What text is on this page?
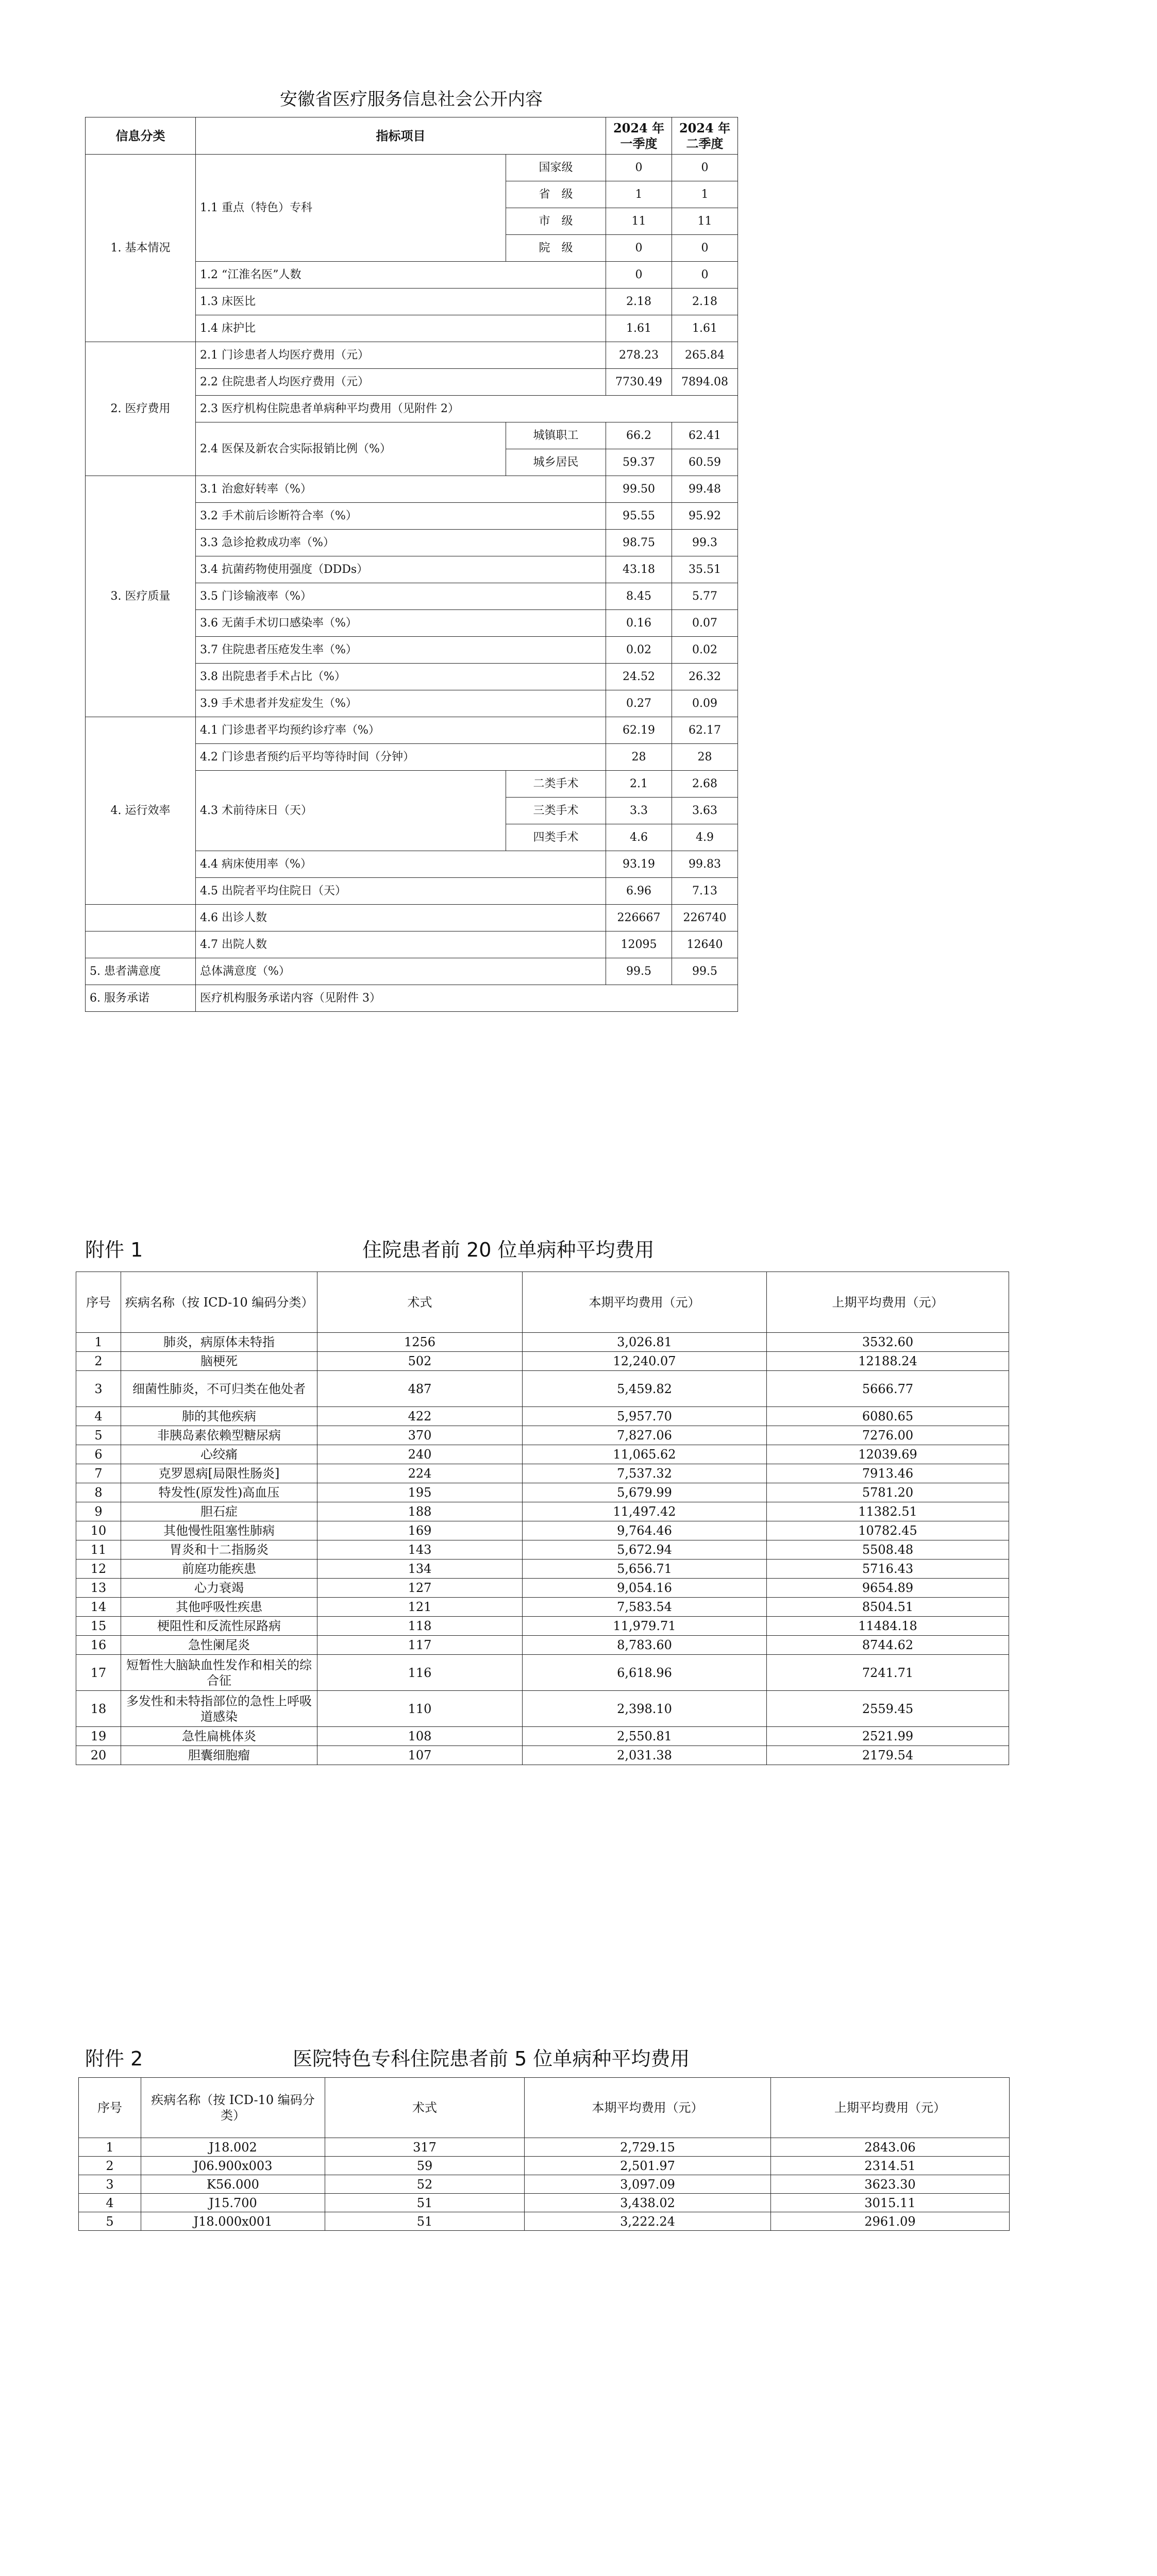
安徽省医疗服务信息社会公开内容
信息分类	指标项目		2024 年一季度	2024 年二季度
1. 基本情况	1.1 重点（特色）专科	国家级	0	0
		省　级	1	1
		市　级	11	11
		院　级	0	0
	1.2 “江淮名医”人数		0	0
	1.3 床医比		2.18	2.18
	1.4 床护比		1.61	1.61
2. 医疗费用	2.1 门诊患者人均医疗费用（元）		278.23	265.84
	2.2 住院患者人均医疗费用（元）		7730.49	7894.08
	2.3 医疗机构住院患者单病种平均费用（见附件 2）			
	2.4 医保及新农合实际报销比例（%）	城镇职工	66.2	62.41
		城乡居民	59.37	60.59
3. 医疗质量	3.1 治愈好转率（%）		99.50	99.48
	3.2 手术前后诊断符合率（%）		95.55	95.92
	3.3 急诊抢救成功率（%）		98.75	99.3
	3.4 抗菌药物使用强度（DDDs）		43.18	35.51
	3.5 门诊输液率（%）		8.45	5.77
	3.6 无菌手术切口感染率（%）		0.16	0.07
	3.7 住院患者压疮发生率（%）		0.02	0.02
	3.8 出院患者手术占比（%）		24.52	26.32
	3.9 手术患者并发症发生（%）		0.27	0.09
4. 运行效率	4.1 门诊患者平均预约诊疗率（%）		62.19	62.17
	4.2 门诊患者预约后平均等待时间（分钟）		28	28
	4.3 术前待床日（天）	二类手术	2.1	2.68
		三类手术	3.3	3.63
		四类手术	4.6	4.9
	4.4 病床使用率（%）		93.19	99.83
	4.5 出院者平均住院日（天）		6.96	7.13
	4.6 出诊人数		226667	226740
	4.7 出院人数		12095	12640
5. 患者满意度	总体满意度（%）		99.5	99.5
6. 服务承诺	医疗机构服务承诺内容（见附件 3）			
附件 1	住院患者前 20 位单病种平均费用
序号	疾病名称（按 ICD-10 编码分类）	术式	本期平均费用（元）	上期平均费用（元）
1	肺炎，病原体未特指	1256	3,026.81	3532.60
2	脑梗死	502	12,240.07	12188.24
3	细菌性肺炎，不可归类在他处者	487	5,459.82	5666.77
4	肺的其他疾病	422	5,957.70	6080.65
5	非胰岛素依赖型糖尿病	370	7,827.06	7276.00
6	心绞痛	240	11,065.62	12039.69
7	克罗恩病[局限性肠炎]	224	7,537.32	7913.46
8	特发性(原发性)高血压	195	5,679.99	5781.20
9	胆石症	188	11,497.42	11382.51
10	其他慢性阻塞性肺病	169	9,764.46	10782.45
11	胃炎和十二指肠炎	143	5,672.94	5508.48
12	前庭功能疾患	134	5,656.71	5716.43
13	心力衰竭	127	9,054.16	9654.89
14	其他呼吸性疾患	121	7,583.54	8504.51
15	梗阻性和反流性尿路病	118	11,979.71	11484.18
16	急性阑尾炎	117	8,783.60	8744.62
17	短暂性大脑缺血性发作和相关的综合征	116	6,618.96	7241.71
18	多发性和未特指部位的急性上呼吸道感染	110	2,398.10	2559.45
19	急性扁桃体炎	108	2,550.81	2521.99
20	胆囊细胞瘤	107	2,031.38	2179.54
附件 2	医院特色专科住院患者前 5 位单病种平均费用
序号	疾病名称（按 ICD-10 编码分类）	术式	本期平均费用（元）	上期平均费用（元）
1	J18.002	317	2,729.15	2843.06
2	J06.900x003	59	2,501.97	2314.51
3	K56.000	52	3,097.09	3623.30
4	J15.700	51	3,438.02	3015.11
5	J18.000x001	51	3,222.24	2961.09
